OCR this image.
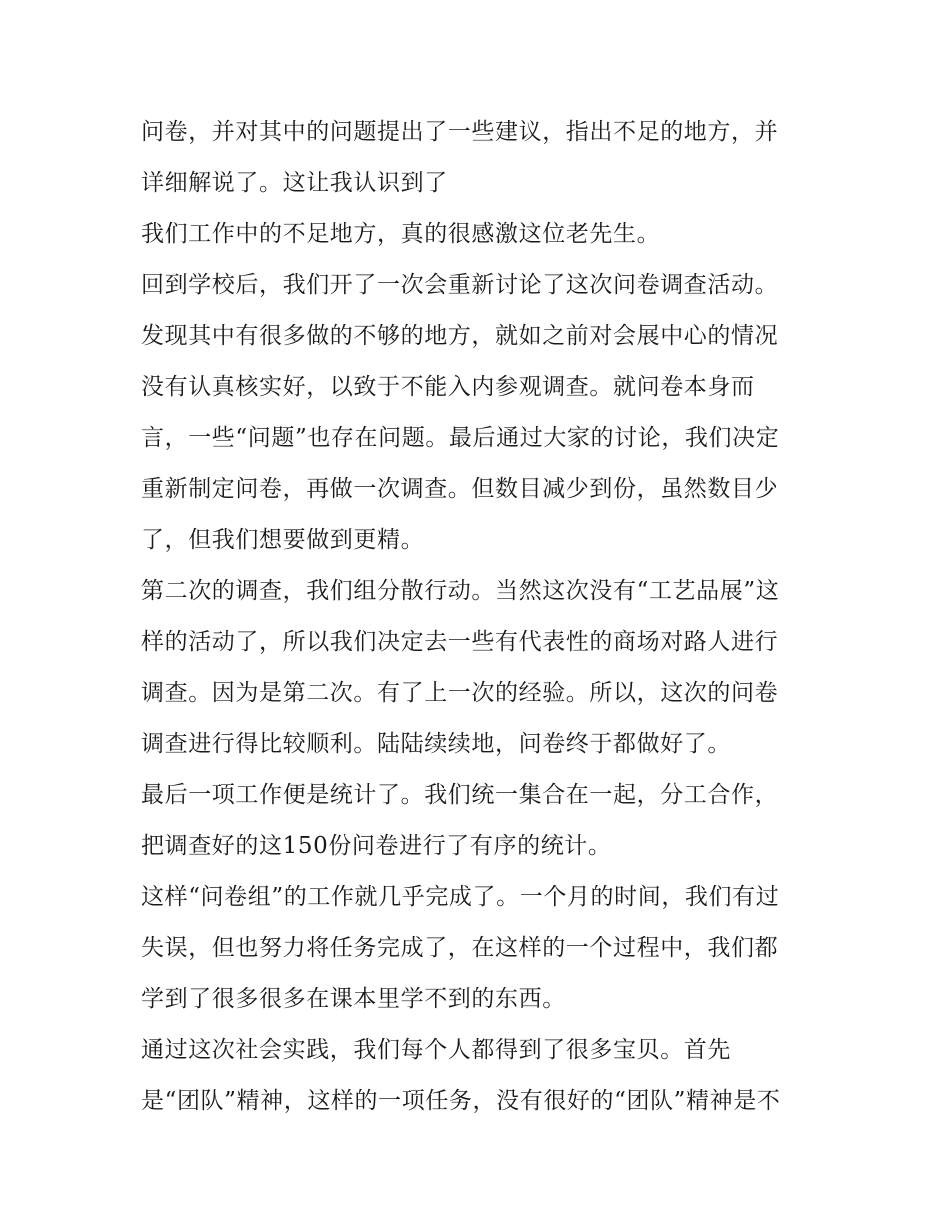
问卷，并对其中的问题提出了一些建议，指出不足的地方，并
详细解说了。这让我认识到了
我们工作中的不足地方，真的很感激这位老先生。
回到学校后，我们开了一次会重新讨论了这次问卷调查活动。
发现其中有很多做的不够的地方，就如之前对会展中心的情况
没有认真核实好，以致于不能入内参观调查。就问卷本身而
言，一些“问题”也存在问题。最后通过大家的讨论，我们决定
重新制定问卷，再做一次调查。但数目减少到份，虽然数目少
了，但我们想要做到更精。
第二次的调查，我们组分散行动。当然这次没有“工艺品展”这
样的活动了，所以我们决定去一些有代表性的商场对路人进行
调查。因为是第二次。有了上一次的经验。所以，这次的问卷
调查进行得比较顺利。陆陆续续地，问卷终于都做好了。
最后一项工作便是统计了。我们统一集合在一起，分工合作，
把调查好的这150份问卷进行了有序的统计。
这样“问卷组”的工作就几乎完成了。一个月的时间，我们有过
失误，但也努力将任务完成了，在这样的一个过程中，我们都
学到了很多很多在课本里学不到的东西。
通过这次社会实践，我们每个人都得到了很多宝贝。首先
是“团队”精神，这样的一项任务，没有很好的“团队”精神是不
